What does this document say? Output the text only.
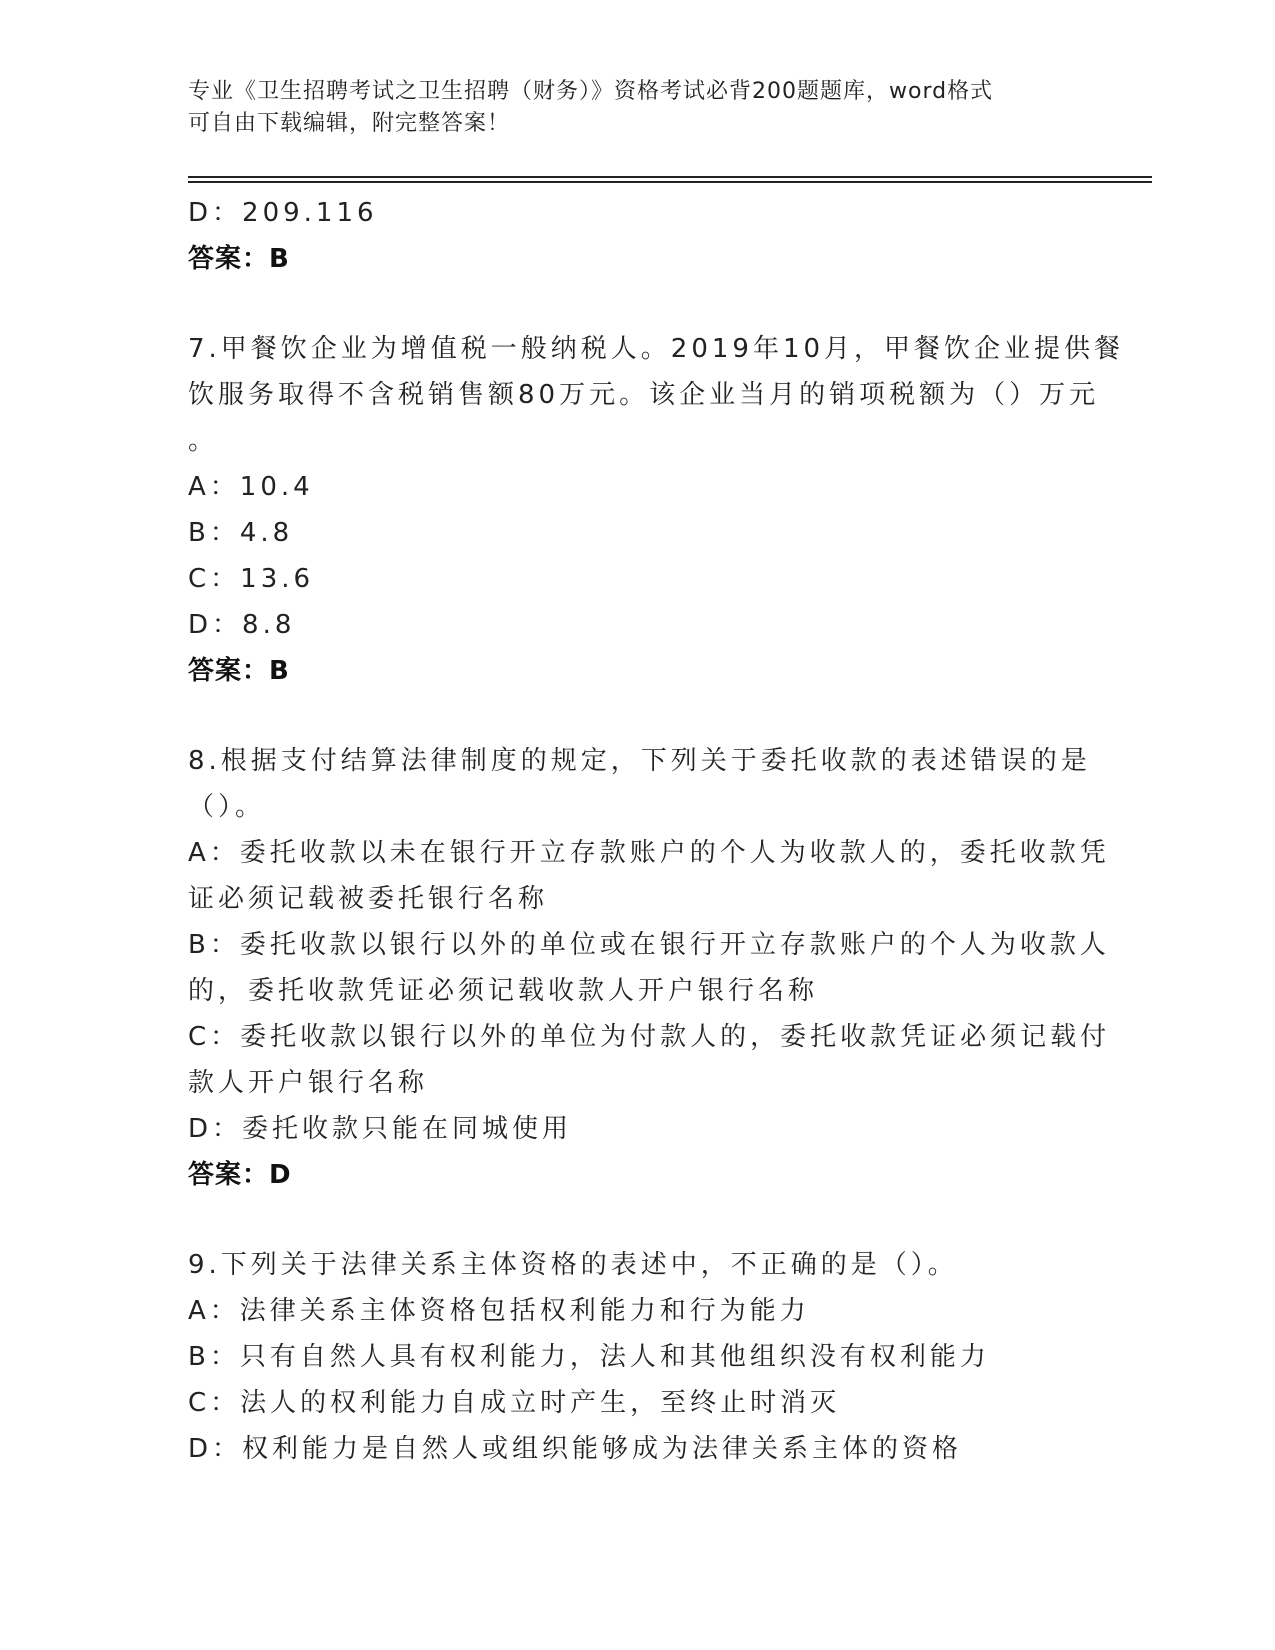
专业《卫生招聘考试之卫生招聘（财务）》资格考试必背200题题库，word格式
可自由下载编辑，附完整答案！
D：209.116
答案：B
7.甲餐饮企业为增值税一般纳税人。2019年10月，甲餐饮企业提供餐
饮服务取得不含税销售额80万元。该企业当月的销项税额为（）万元
。
A：10.4
B：4.8
C：13.6
D：8.8
答案：B
8.根据支付结算法律制度的规定，下列关于委托收款的表述错误的是
（）。
A：委托收款以未在银行开立存款账户的个人为收款人的，委托收款凭
证必须记载被委托银行名称
B：委托收款以银行以外的单位或在银行开立存款账户的个人为收款人
的，委托收款凭证必须记载收款人开户银行名称
C：委托收款以银行以外的单位为付款人的，委托收款凭证必须记载付
款人开户银行名称
D：委托收款只能在同城使用
答案：D
9.下列关于法律关系主体资格的表述中，不正确的是（）。
A：法律关系主体资格包括权利能力和行为能力
B：只有自然人具有权利能力，法人和其他组织没有权利能力
C：法人的权利能力自成立时产生，至终止时消灭
D：权利能力是自然人或组织能够成为法律关系主体的资格
